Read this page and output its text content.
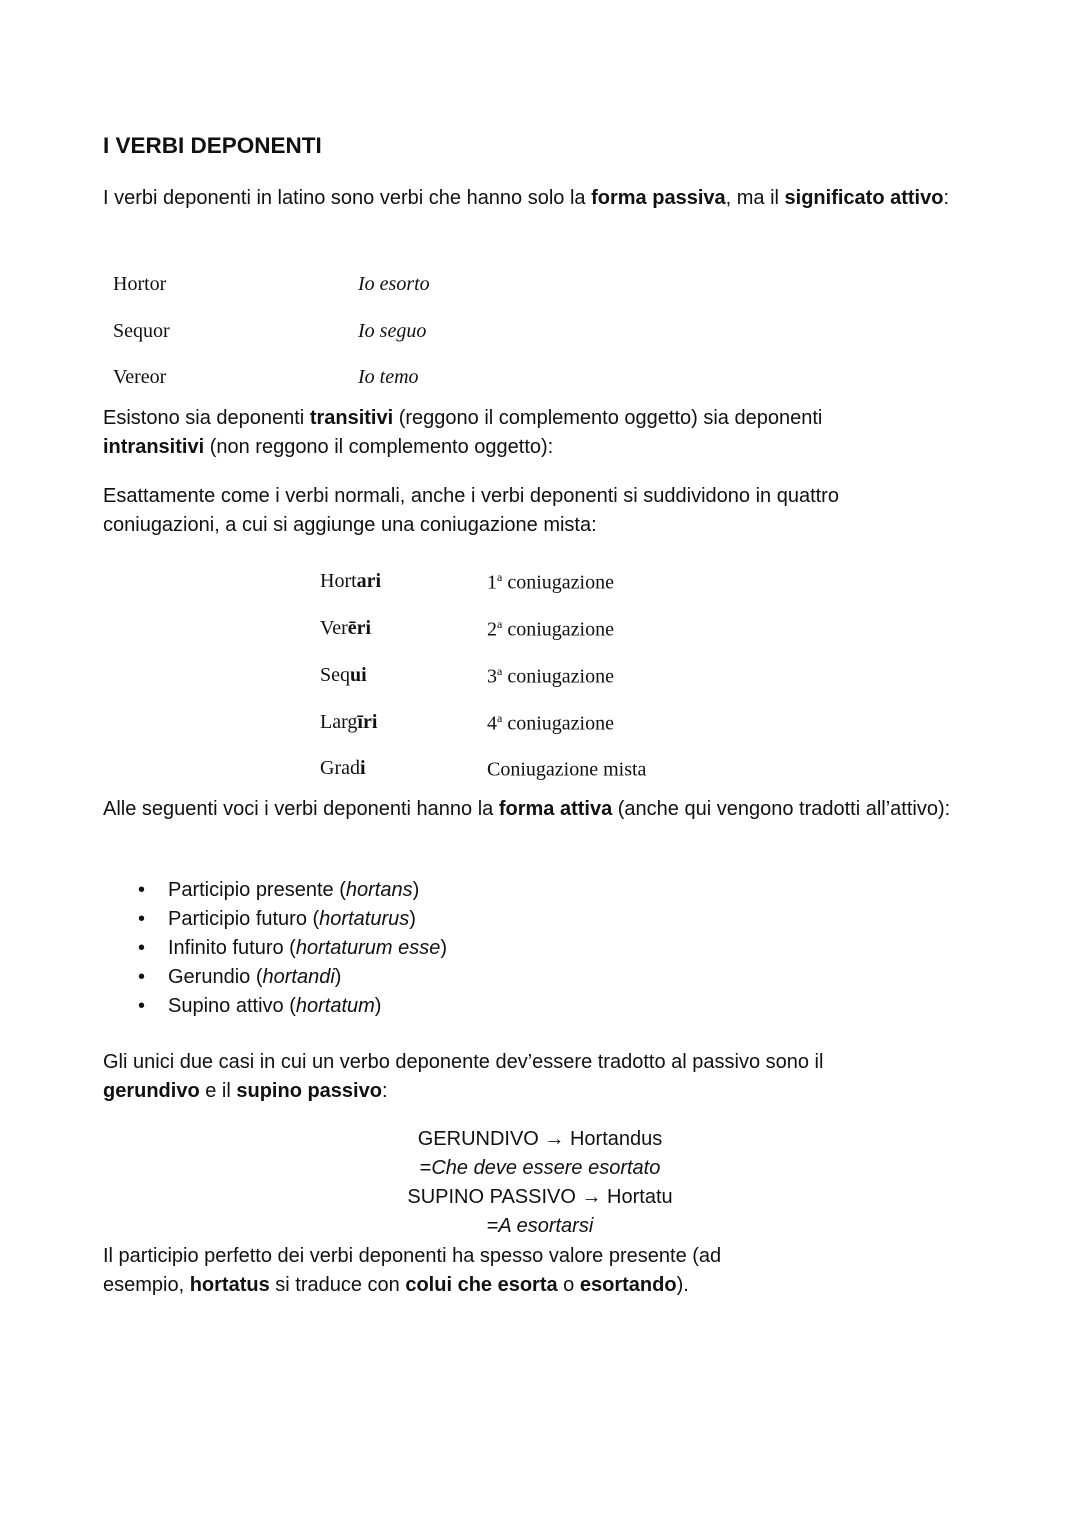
I VERBI DEPONENTI

I verbi deponenti in latino sono verbi che hanno solo la forma passiva, ma il significato attivo:

Hortor	Io esorto
Sequor	Io seguo
Vereor	Io temo

Esistono sia deponenti transitivi (reggono il complemento oggetto) sia deponenti intransitivi (non reggono il complemento oggetto):

Esattamente come i verbi normali, anche i verbi deponenti si suddividono in quattro coniugazioni, a cui si aggiunge una coniugazione mista:

Hortari	1$^a$ coniugazione
Verēri	2$^a$ coniugazione
Sequi	3$^a$ coniugazione
Largīri	4$^a$ coniugazione
Gradi	Coniugazione mista

Alle seguenti voci i verbi deponenti hanno la forma attiva (anche qui vengono tradotti all’attivo):

• Participio presente (hortans)
• Participio futuro (hortaturus)
• Infinito futuro (hortaturum esse)
• Gerundio (hortandi)
• Supino attivo (hortatum)

Gli unici due casi in cui un verbo deponente dev’essere tradotto al passivo sono il gerundivo e il supino passivo:

GERUNDIVO → Hortandus
=Che deve essere esortato
SUPINO PASSIVO → Hortatu
=A esortarsi

Il participio perfetto dei verbi deponenti ha spesso valore presente (ad esempio, hortatus si traduce con colui che esorta o esortando).
